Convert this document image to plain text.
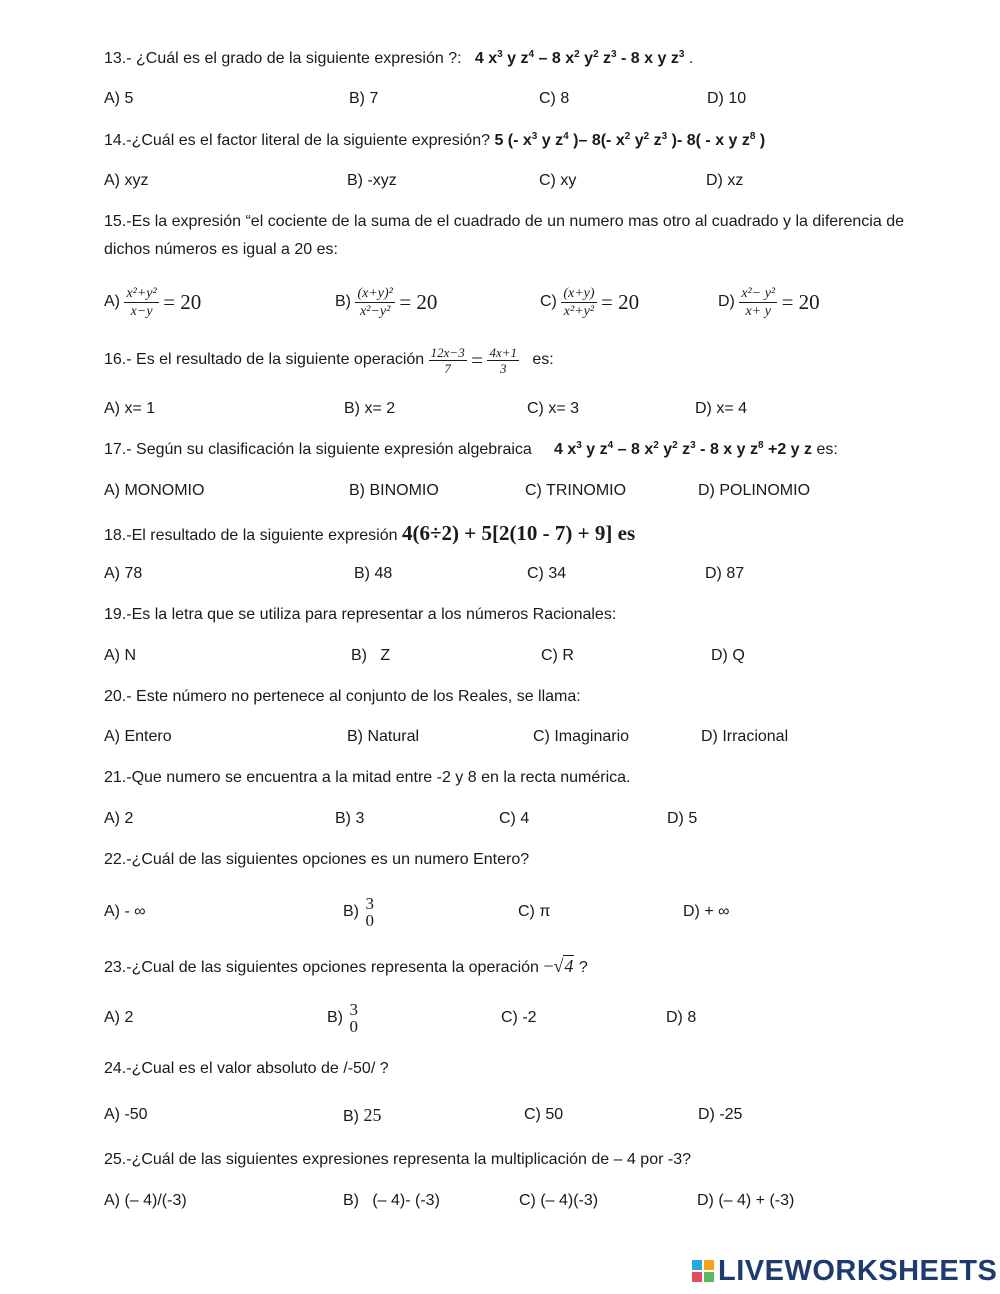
13.- ¿Cuál es el grado de la siguiente expresión ?: 4 $x^3$ y $z^4 - 8$ $x^2$ $y^2$ $z^3 - 8$ x y $z^3$ .
A) 5	B) 7	C) 8	D) 10
14.-¿Cuál es el factor literal de la siguiente expresión? 5 (- $x^3$ y $z^4$ )– 8(- $x^2$ $y^2$ $z^3$ )- 8( - x y $z^8$ )
A) xyz	B) -xyz	C) xy	D) xz
15.-Es la expresión “el cociente de la suma de el cuadrado de un numero mas otro al cuadrado y la diferencia de dichos números es igual a 20 es:
$A) \frac{\text{x²+y²}}{x-y} = 20$	$B) \frac{\text{(x+y)²}}{\text{x²−y²}} = 20$	$C) \frac{(x+y)}{\text{x²+y²}} = 20$	$D) \frac{\text{x²− y²}}{x+ y} = 20$
16.- Es el resultado de la siguiente operación $\frac{12x-3}{7} = \frac{4x+1}{3}$ es:
A) x= 1	B) x= 2	C) x= 3	D) x= 4
17.- Según su clasificación la siguiente expresión algebraica 4 $x^3$ y $z^4 - 8$ $x^2$ $y^2$ $z^3 - 8$ x y $z^8 +2$ y z es:
A) MONOMIO	B) BINOMIO	C) TRINOMIO	D) POLINOMIO
18.-El resultado de la siguiente expresión 4(6÷2) + 5[2(10 - 7) + 9] es
A) 78	B) 48	C) 34	D) 87
19.-Es la letra que se utiliza para representar a los números Racionales:
A) N	B)   Z	C) R	D) Q
20.- Este número no pertenece al conjunto de los Reales, se llama:
A) Entero	B) Natural	C) Imaginario	D) Irracional
21.-Que numero se encuentra a la mitad entre -2 y 8 en la recta numérica.
A) 2	B) 3	C) 4	D) 5
22.-¿Cuál de las siguientes opciones es un numero Entero?
A) - ∞	B) 3
0	C) π	D) + ∞
23.-¿Cual de las siguientes opciones representa la operación −√4 ?
A) 2	B) 3
0	C) -2	D) 8
24.-¿Cual es el valor absoluto de /-50/ ?
A) -50	B) 25	C) 50	D) -25
25.-¿Cuál de las siguientes expresiones representa la multiplicación de – 4 por -3?
A) (– 4)/(-3)	B)   (– 4)- (-3)	C) (– 4)(-3)	D) (– 4) + (-3)
LIVEWORKSHEETS
